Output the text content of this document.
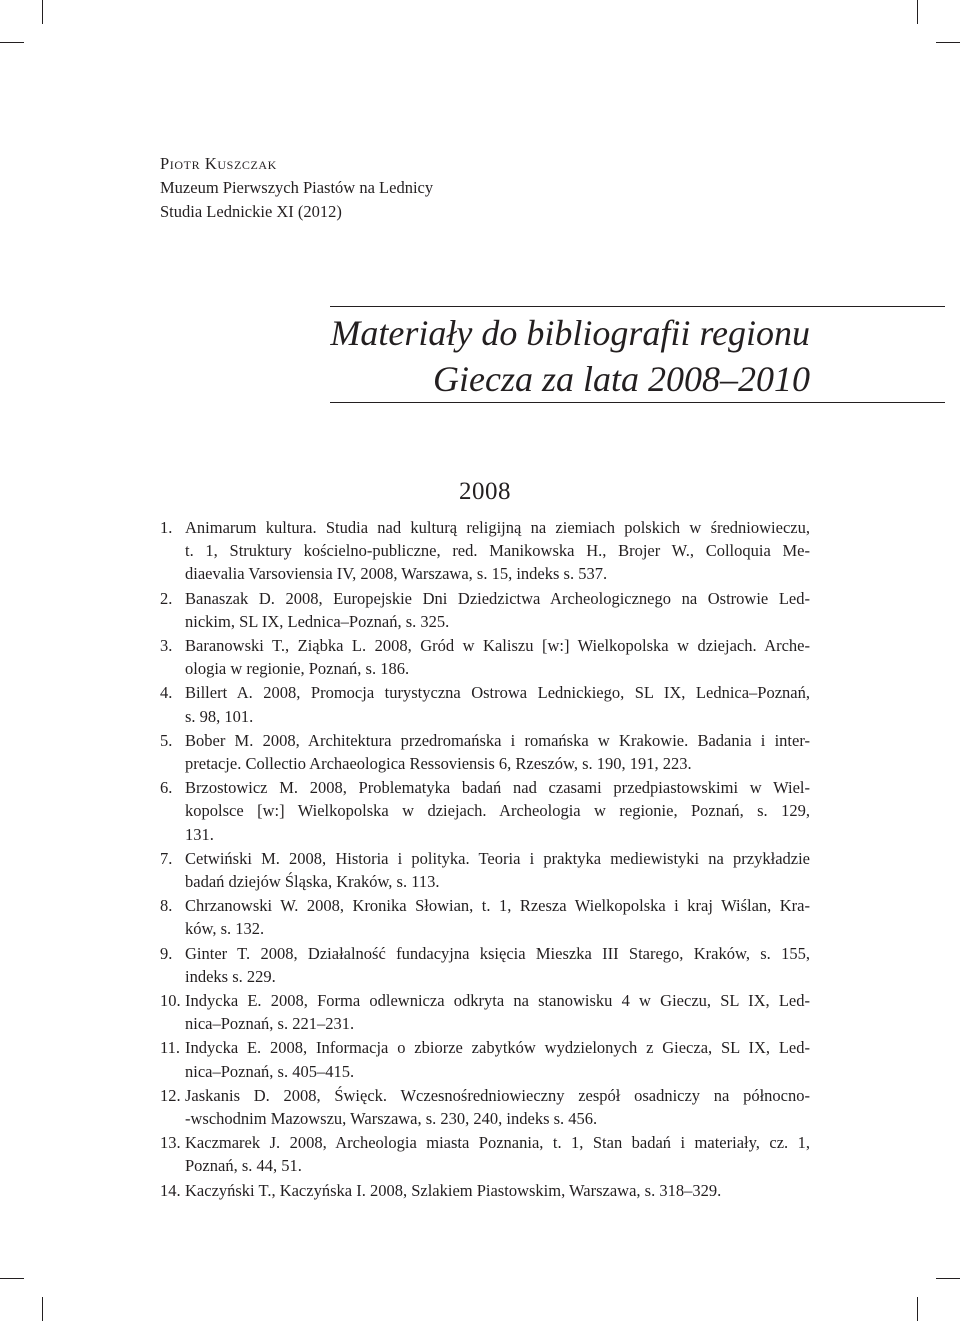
Piotr Kuszczak
Muzeum Pierwszych Piastów na Lednicy
Studia Lednickie XI (2012)
Materiały do bibliografii regionu
Giecza za lata 2008–2010
2008
1. Animarum kultura. Studia nad kulturą religijną na ziemiach polskich w średniowieczu,
t. 1, Struktury kościelno-publiczne, red. Manikowska H., Brojer W., Colloquia Me-
diaevalia Varsoviensia IV, 2008, Warszawa, s. 15, indeks s. 537.
2. Banaszak D. 2008, Europejskie Dni Dziedzictwa Archeologicznego na Ostrowie Led-
nickim, SL IX, Lednica–Poznań, s. 325.
3. Baranowski T., Ziąbka L. 2008, Gród w Kaliszu [w:] Wielkopolska w dziejach. Arche-
ologia w regionie, Poznań, s. 186.
4. Billert A. 2008, Promocja turystyczna Ostrowa Lednickiego, SL IX, Lednica–Poznań,
s. 98, 101.
5. Bober M. 2008, Architektura przedromańska i romańska w Krakowie. Badania i inter-
pretacje. Collectio Archaeologica Ressoviensis 6, Rzeszów, s. 190, 191, 223.
6. Brzostowicz M. 2008, Problematyka badań nad czasami przedpiastowskimi w Wiel-
kopolsce [w:] Wielkopolska w dziejach. Archeologia w regionie, Poznań, s. 129,
131.
7. Cetwiński M. 2008, Historia i polityka. Teoria i praktyka mediewistyki na przykładzie
badań dziejów Śląska, Kraków, s. 113.
8. Chrzanowski W. 2008, Kronika Słowian, t. 1, Rzesza Wielkopolska i kraj Wiślan, Kra-
ków, s. 132.
9. Ginter T. 2008, Działalność fundacyjna księcia Mieszka III Starego, Kraków, s. 155,
indeks s. 229.
10. Indycka E. 2008, Forma odlewnicza odkryta na stanowisku 4 w Gieczu, SL IX, Led-
nica–Poznań, s. 221–231.
11. Indycka E. 2008, Informacja o zbiorze zabytków wydzielonych z Giecza, SL IX, Led-
nica–Poznań, s. 405–415.
12. Jaskanis D. 2008, Święck. Wczesnośredniowieczny zespół osadniczy na północno-
-wschodnim Mazowszu, Warszawa, s. 230, 240, indeks s. 456.
13. Kaczmarek J. 2008, Archeologia miasta Poznania, t. 1, Stan badań i materiały, cz. 1,
Poznań, s. 44, 51.
14. Kaczyński T., Kaczyńska I. 2008, Szlakiem Piastowskim, Warszawa, s. 318–329.
